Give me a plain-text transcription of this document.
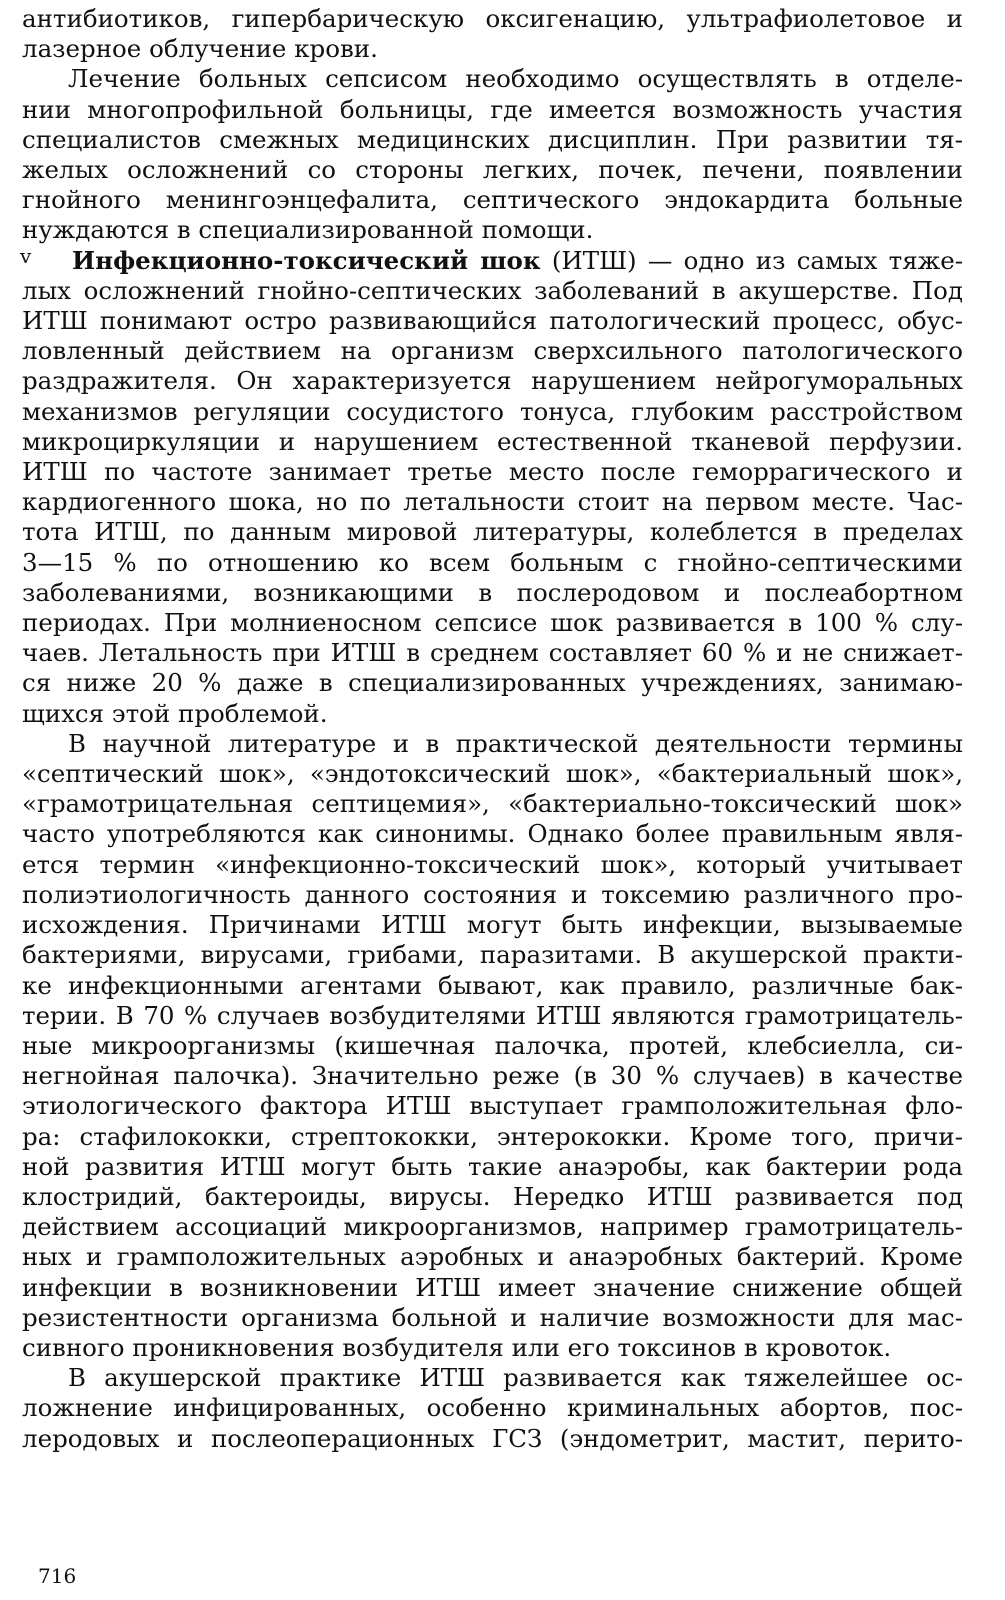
антибиотиков, гипербарическую оксигенацию, ультрафиолетовое и
лазерное облучение крови.
Лечение больных сепсисом необходимо осуществлять в отделе-
нии многопрофильной больницы, где имеется возможность участия
специалистов смежных медицинских дисциплин. При развитии тя-
желых осложнений со стороны легких, почек, печени, появлении
гнойного менингоэнцефалита, септического эндокардита больные
нуждаются в специализированной помощи.
v Инфекционно-токсический шок (ИТШ) — одно из самых тяже-
лых осложнений гнойно-септических заболеваний в акушерстве. Под
ИТШ понимают остро развивающийся патологический процесс, обус-
ловленный действием на организм сверхсильного патологического
раздражителя. Он характеризуется нарушением нейрогуморальных
механизмов регуляции сосудистого тонуса, глубоким расстройством
микроциркуляции и нарушением естественной тканевой перфузии.
ИТШ по частоте занимает третье место после геморрагического и
кардиогенного шока, но по летальности стоит на первом месте. Час-
тота ИТШ, по данным мировой литературы, колеблется в пределах
3—15 % по отношению ко всем больным с гнойно-септическими
заболеваниями, возникающими в послеродовом и послеабортном
периодах. При молниеносном сепсисе шок развивается в 100 % слу-
чаев. Летальность при ИТШ в среднем составляет 60 % и не снижает-
ся ниже 20 % даже в специализированных учреждениях, занимаю-
щихся этой проблемой.
В научной литературе и в практической деятельности термины
«септический шок», «эндотоксический шок», «бактериальный шок»,
«грамотрицательная септицемия», «бактериально-токсический шок»
часто употребляются как синонимы. Однако более правильным явля-
ется термин «инфекционно-токсический шок», который учитывает
полиэтиологичность данного состояния и токсемию различного про-
исхождения. Причинами ИТШ могут быть инфекции, вызываемые
бактериями, вирусами, грибами, паразитами. В акушерской практи-
ке инфекционными агентами бывают, как правило, различные бак-
терии. В 70 % случаев возбудителями ИТШ являются грамотрицатель-
ные микроорганизмы (кишечная палочка, протей, клебсиелла, си-
негнойная палочка). Значительно реже (в 30 % случаев) в качестве
этиологического фактора ИТШ выступает грамположительная фло-
ра: стафилококки, стрептококки, энтерококки. Кроме того, причи-
ной развития ИТШ могут быть такие анаэробы, как бактерии рода
клостридий, бактероиды, вирусы. Нередко ИТШ развивается под
действием ассоциаций микроорганизмов, например грамотрицатель-
ных и грамположительных аэробных и анаэробных бактерий. Кроме
инфекции в возникновении ИТШ имеет значение снижение общей
резистентности организма больной и наличие возможности для мас-
сивного проникновения возбудителя или его токсинов в кровоток.
В акушерской практике ИТШ развивается как тяжелейшее ос-
ложнение инфицированных, особенно криминальных абортов, пос-
леродовых и послеоперационных ГСЗ (эндометрит, мастит, перито-
716
